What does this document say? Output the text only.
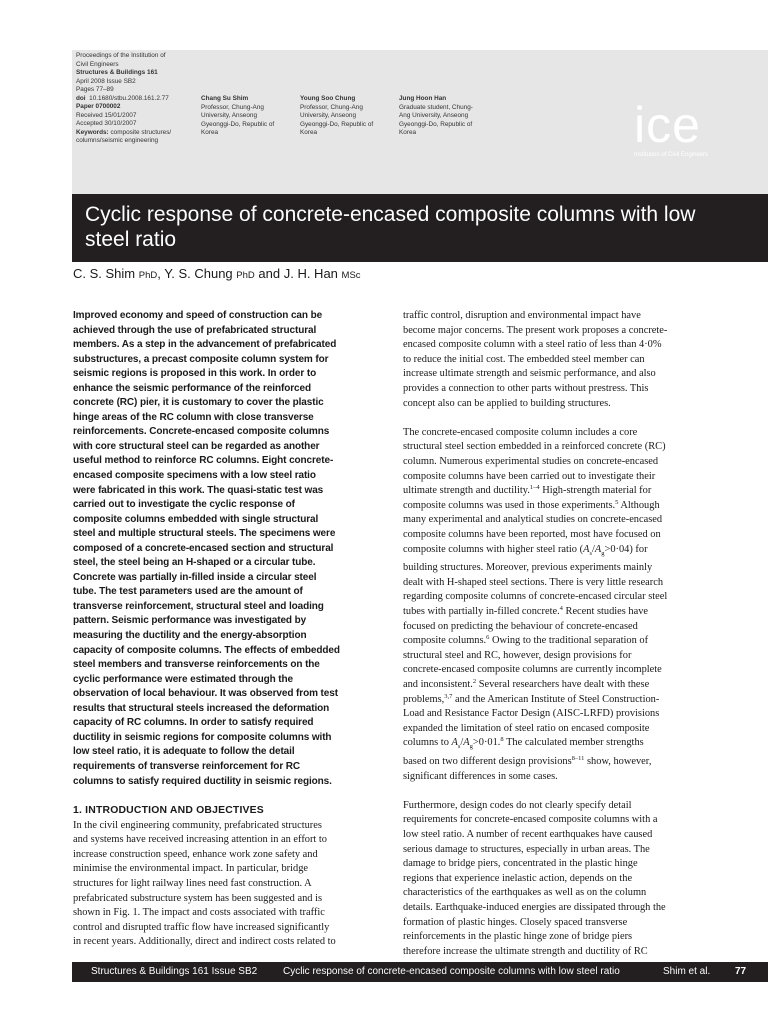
Proceedings of the Institution of
Civil Engineers
Structures & Buildings 161
April 2008 Issue SB2
Pages 77–89
doi 10.1680/stbu.2008.161.2.77
Paper 0700002
Received 15/01/2007
Accepted 30/10/2007
Keywords: composite structures/
columns/seismic engineering
Chang Su Shim
Professor, Chung-Ang
University, Anseong
Gyeonggi-Do, Republic of
Korea
Young Soo Chung
Professor, Chung-Ang
University, Anseong
Gyeonggi-Do, Republic of
Korea
Jung Hoon Han
Graduate student, Chung-
Ang University, Anseong
Gyeonggi-Do, Republic of
Korea	ice
Institution of Civil Engineers
Cyclic response of concrete-encased composite columns with low steel ratio
C. S. Shim PhD, Y. S. Chung PhD and J. H. Han MSc
Improved economy and speed of construction can be
achieved through the use of prefabricated structural
members. As a step in the advancement of prefabricated
substructures, a precast composite column system for
seismic regions is proposed in this work. In order to
enhance the seismic performance of the reinforced
concrete (RC) pier, it is customary to cover the plastic
hinge areas of the RC column with close transverse
reinforcements. Concrete-encased composite columns
with core structural steel can be regarded as another
useful method to reinforce RC columns. Eight concrete-
encased composite specimens with a low steel ratio
were fabricated in this work. The quasi-static test was
carried out to investigate the cyclic response of
composite columns embedded with single structural
steel and multiple structural steels. The specimens were
composed of a concrete-encased section and structural
steel, the steel being an H-shaped or a circular tube.
Concrete was partially in-filled inside a circular steel
tube. The test parameters used are the amount of
transverse reinforcement, structural steel and loading
pattern. Seismic performance was investigated by
measuring the ductility and the energy-absorption
capacity of composite columns. The effects of embedded
steel members and transverse reinforcements on the
cyclic performance were estimated through the
observation of local behaviour. It was observed from test
results that structural steels increased the deformation
capacity of RC columns. In order to satisfy required
ductility in seismic regions for composite columns with
low steel ratio, it is adequate to follow the detail
requirements of transverse reinforcement for RC
columns to satisfy required ductility in seismic regions.
1. INTRODUCTION AND OBJECTIVES
In the civil engineering community, prefabricated structures
and systems have received increasing attention in an effort to
increase construction speed, enhance work zone safety and
minimise the environmental impact. In particular, bridge
structures for light railway lines need fast construction. A
prefabricated substructure system has been suggested and is
shown in Fig. 1. The impact and costs associated with traffic
control and disrupted traffic flow have increased significantly
in recent years. Additionally, direct and indirect costs related to
traffic control, disruption and environmental impact have
become major concerns. The present work proposes a concrete-
encased composite column with a steel ratio of less than 4·0%
to reduce the initial cost. The embedded steel member can
increase ultimate strength and seismic performance, and also
provides a connection to other parts without prestress. This
concept also can be applied to building structures.
The concrete-encased composite column includes a core
structural steel section embedded in a reinforced concrete (RC)
column. Numerous experimental studies on concrete-encased
composite columns have been carried out to investigate their
ultimate strength and ductility.$^{1-4}$ High-strength material for
composite columns was used in those experiments.$^5$ Although
many experimental and analytical studies on concrete-encased
composite columns have been reported, most have focused on
composite columns with higher steel ratio $(A_s/A_g>0\cdot 04)$ for
building structures. Moreover, previous experiments mainly
dealt with H-shaped steel sections. There is very little research
regarding composite columns of concrete-encased circular steel
tubes with partially in-filled concrete.$^4$ Recent studies have
focused on predicting the behaviour of concrete-encased
composite columns.$^6$ Owing to the traditional separation of
structural steel and RC, however, design provisions for
concrete-encased composite columns are currently incomplete
and inconsistent.$^2$ Several researchers have dealt with these
problems,$^{3,7}$ and the American Institute of Steel Construction-
Load and Resistance Factor Design (AISC-LRFD) provisions
expanded the limitation of steel ratio on encased composite
columns to $A_s/A_g>0\cdot 01.^8$ The calculated member strengths
based on two different design provisions$^{8-11}$ show, however,
significant differences in some cases.
Furthermore, design codes do not clearly specify detail
requirements for concrete-encased composite columns with a
low steel ratio. A number of recent earthquakes have caused
serious damage to structures, especially in urban areas. The
damage to bridge piers, concentrated in the plastic hinge
regions that experience inelastic action, depends on the
characteristics of the earthquakes as well as on the column
details. Earthquake-induced energies are dissipated through the
formation of plastic hinges. Closely spaced transverse
reinforcements in the plastic hinge zone of bridge piers
therefore increase the ultimate strength and ductility of RC
Structures & Buildings 161 Issue SB2	Cyclic response of concrete-encased composite columns with low steel ratio	Shim et al. 77
